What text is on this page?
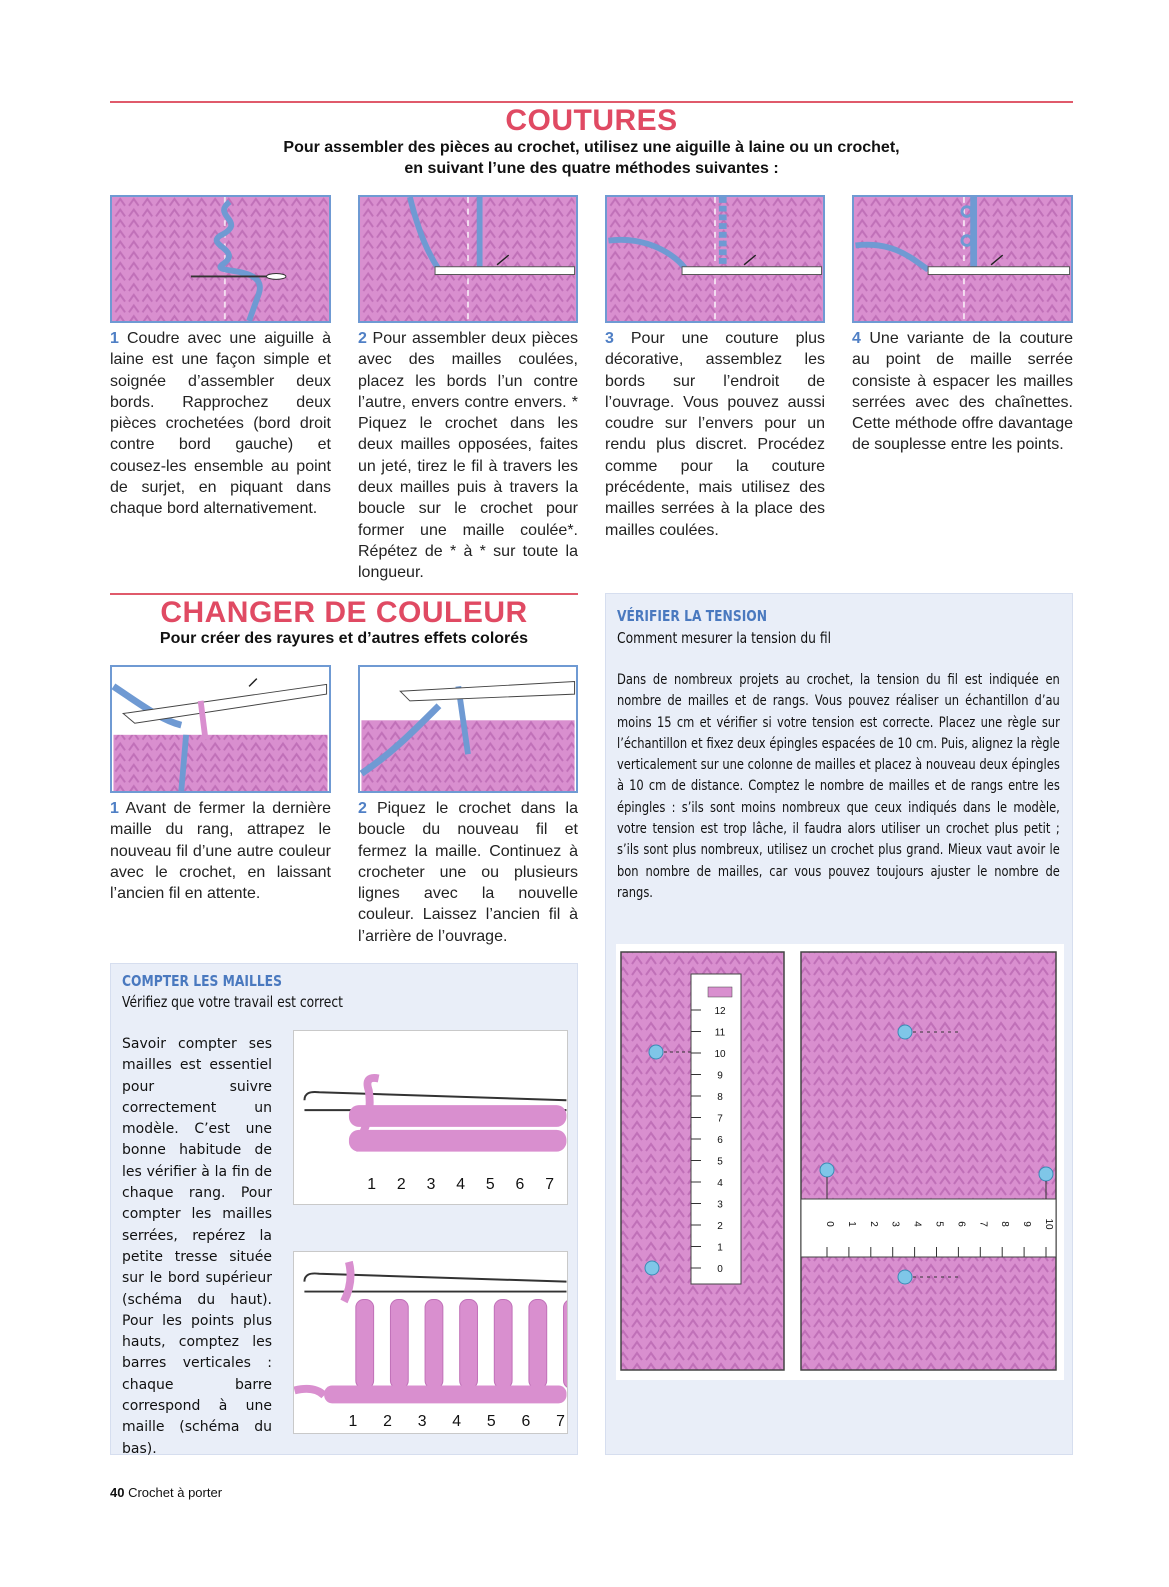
COUTURES
Pour assembler des pièces au crochet, utilisez une aiguille à laine ou un crochet,
en suivant l’une des quatre méthodes suivantes :
1 Coudre avec une aiguille à laine est une façon simple et soignée d’assembler deux bords. Rapprochez deux pièces crochetées (bord droit contre bord gauche) et cousez-les ensemble au point de surjet, en piquant dans chaque bord alternativement.
2 Pour assembler deux pièces avec des mailles coulées, placez les bords l’un contre l’autre, envers contre envers. * Piquez le crochet dans les deux mailles opposées, faites un jeté, tirez le fil à travers les deux mailles puis à travers la boucle sur le crochet pour former une maille coulée*. Répétez de * à * sur toute la longueur.
3 Pour une couture plus décorative, assemblez les bords sur l’endroit de l’ouvrage. Vous pouvez aussi coudre sur l’envers pour un rendu plus discret. Procédez comme pour la couture précédente, mais utilisez des mailles serrées à la place des mailles coulées.
4 Une variante de la couture au point de maille serrée consiste à espacer les mailles serrées avec des chaînettes. Cette méthode offre davantage de souplesse entre les points.
CHANGER DE COULEUR
Pour créer des rayures et d’autres effets colorés
1 Avant de fermer la dernière maille du rang, attrapez le nouveau fil d’une autre couleur avec le crochet, en laissant l’ancien fil en attente.
2 Piquez le crochet dans la boucle du nouveau fil et fermez la maille. Continuez à crocheter une ou plusieurs lignes avec la nouvelle couleur. Laissez l’ancien fil à l’arrière de l’ouvrage.
COMPTER LES MAILLES
Vérifiez que votre travail est correct
Savoir compter ses mailles est essentiel pour suivre correctement un modèle. C’est une bonne habitude de les vérifier à la fin de chaque rang. Pour compter les mailles serrées, repérez la petite tresse située sur le bord supérieur (schéma du haut). Pour les points plus hauts, comptez les barres verticales : chaque barre correspond à une maille (schéma du bas).
1 2 3 4 5 6 7
1 2 3 4 5 6 7
VÉRIFIER LA TENSION
Comment mesurer la tension du fil
Dans de nombreux projets au crochet, la tension du fil est indiquée en nombre de mailles et de rangs. Vous pouvez réaliser un échantillon d’au moins 15 cm et vérifier si votre tension est correcte. Placez une règle sur l’échantillon et fixez deux épingles espacées de 10 cm. Puis, alignez la règle verticalement sur une colonne de mailles et placez à nouveau deux épingles à 10 cm de distance. Comptez le nombre de mailles et de rangs entre les épingles : s’ils sont moins nombreux que ceux indiqués dans le modèle, votre tension est trop lâche, il faudra alors utiliser un crochet plus petit ; s’ils sont plus nombreux, utilisez un crochet plus grand. Mieux vaut avoir le bon nombre de mailles, car vous pouvez toujours ajuster le nombre de rangs.
12
11
10
9
8
7
6
5
4
3
2
1
0
0 1 2 3 4 5 6 7 8 9 10
40 Crochet à porter
